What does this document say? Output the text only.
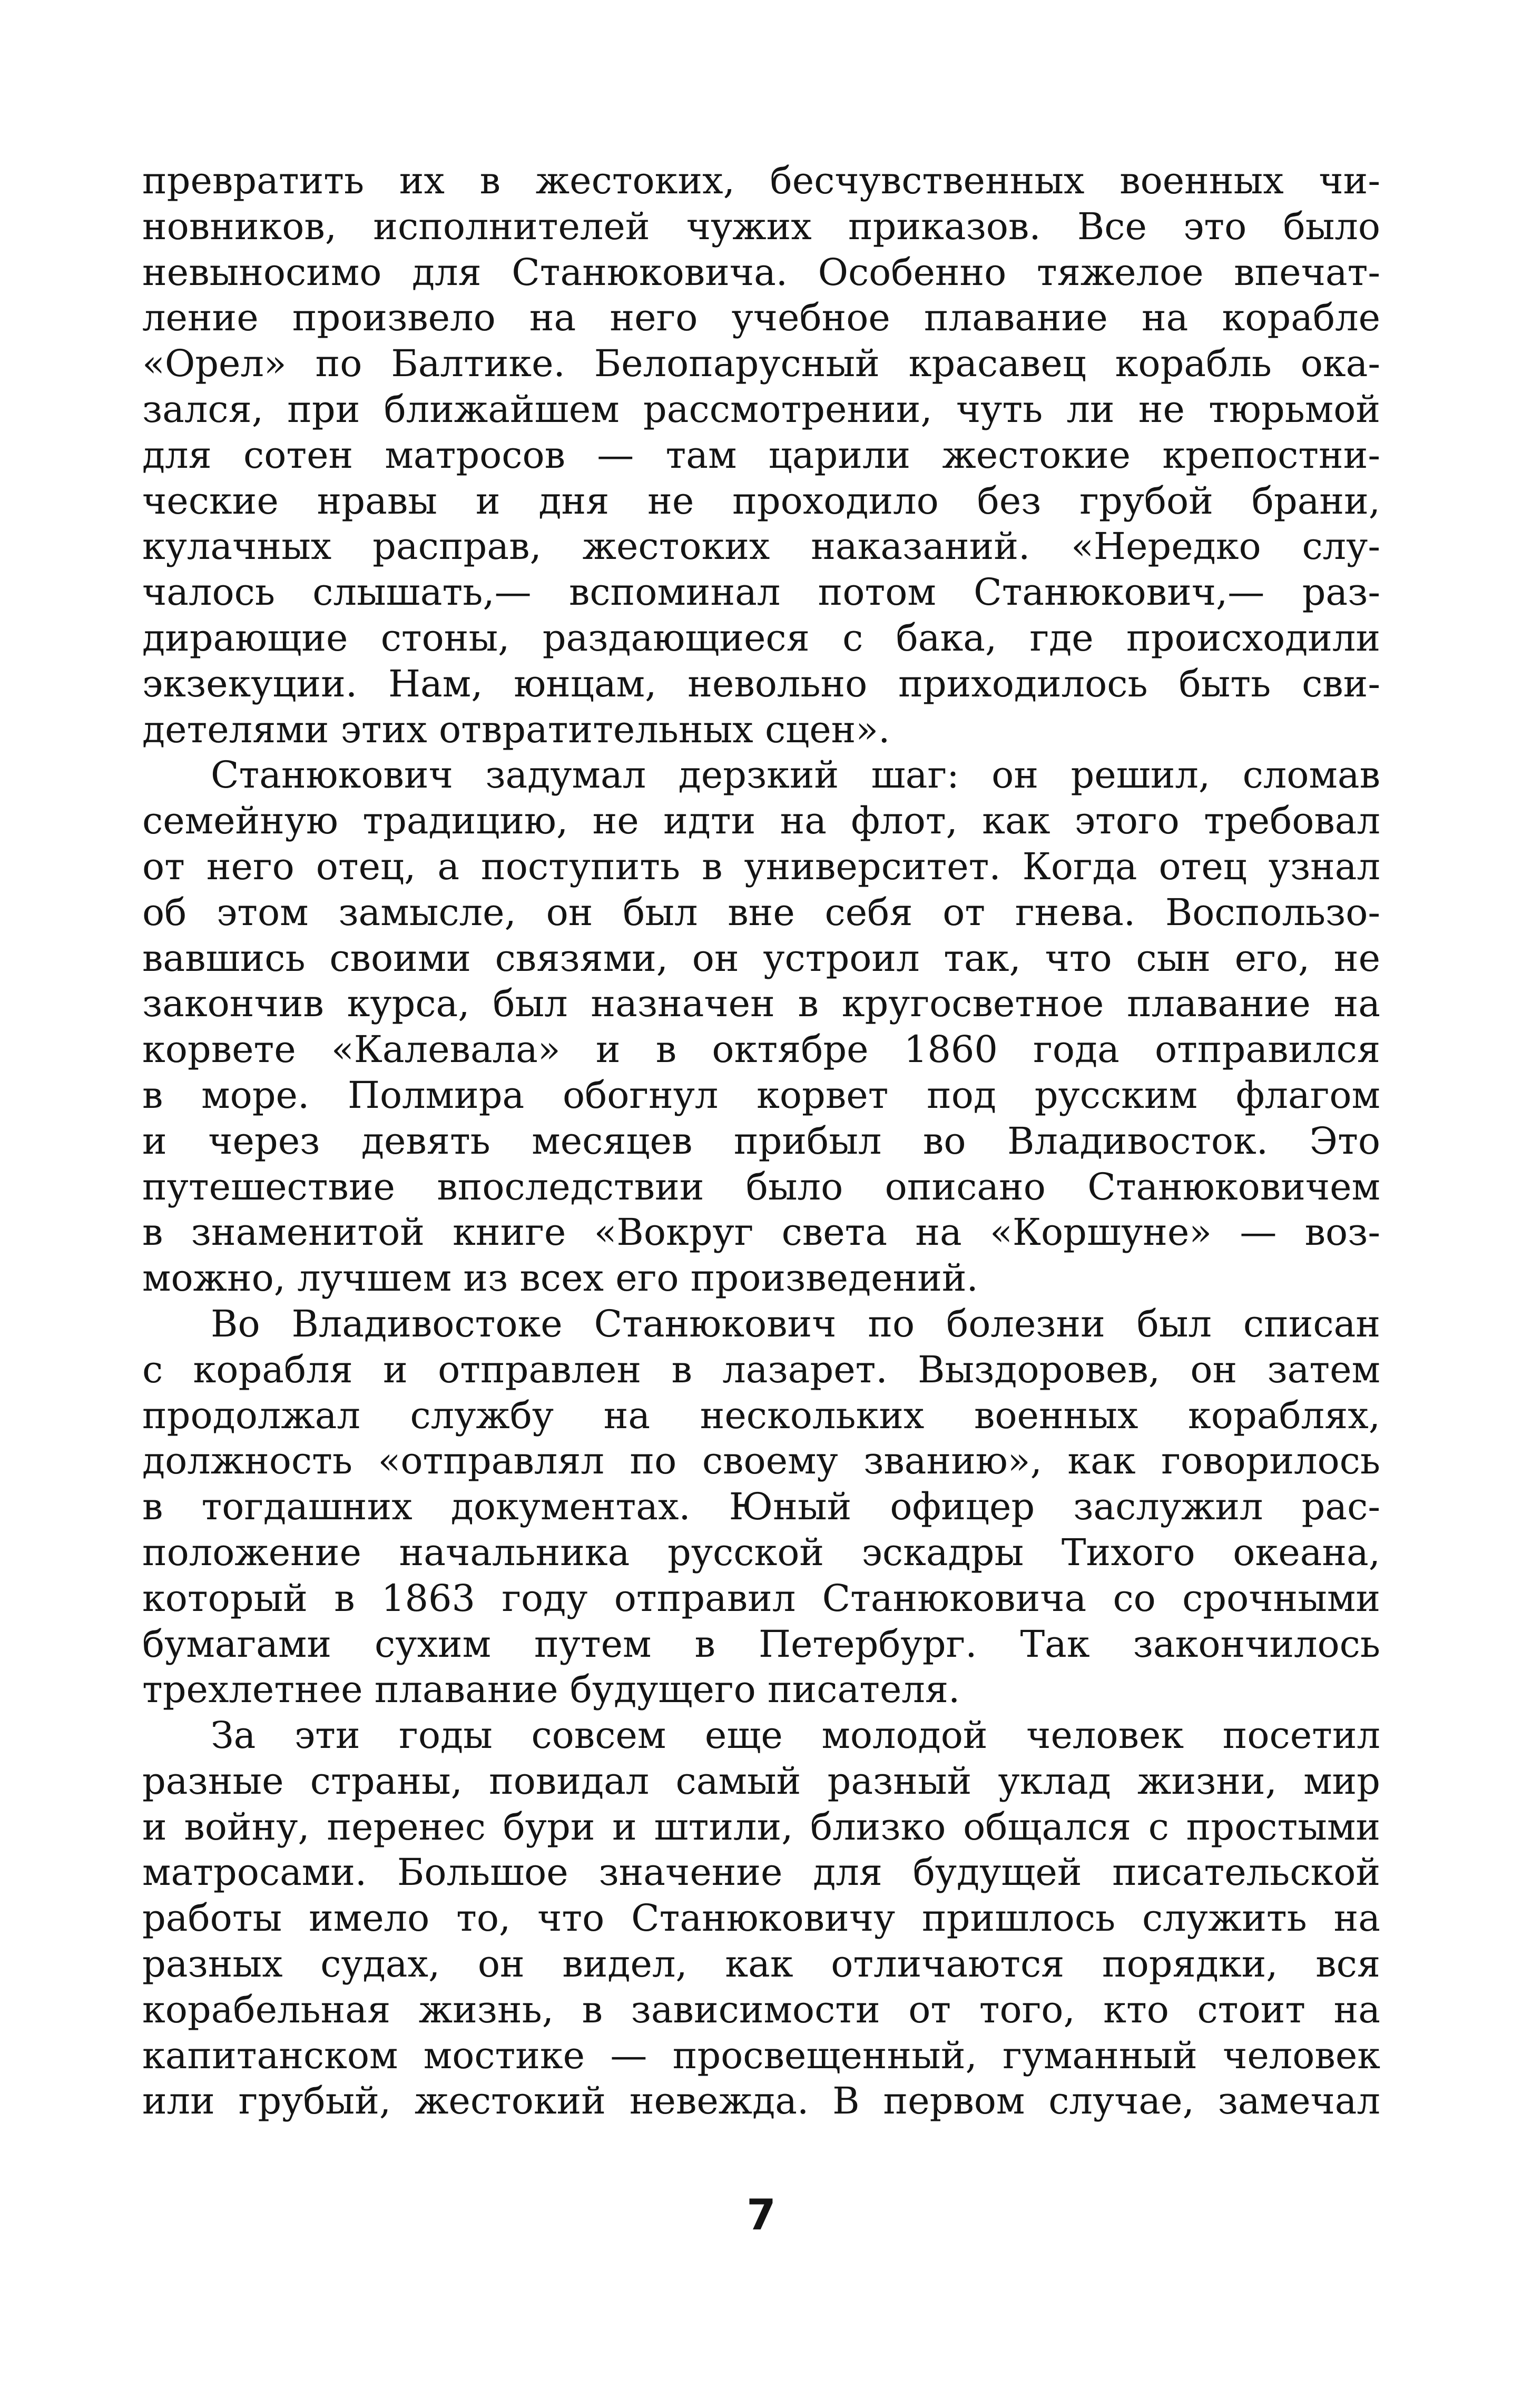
превратить их в жестоких, бесчувственных военных чи-
новников, исполнителей чужих приказов. Все это было
невыносимо для Станюковича. Особенно тяжелое впечат-
ление произвело на него учебное плавание на корабле
«Орел» по Балтике. Белопарусный красавец корабль ока-
зался, при ближайшем рассмотрении, чуть ли не тюрьмой
для сотен матросов — там царили жестокие крепостни-
ческие нравы и дня не проходило без грубой брани,
кулачных расправ, жестоких наказаний. «Нередко слу-
чалось слышать,— вспоминал потом Станюкович,— раз-
дирающие стоны, раздающиеся с бака, где происходили
экзекуции. Нам, юнцам, невольно приходилось быть сви-
детелями этих отвратительных сцен».
Станюкович задумал дерзкий шаг: он решил, сломав
семейную традицию, не идти на флот, как этого требовал
от него отец, а поступить в университет. Когда отец узнал
об этом замысле, он был вне себя от гнева. Воспользо-
вавшись своими связями, он устроил так, что сын его, не
закончив курса, был назначен в кругосветное плавание на
корвете «Калевала» и в октябре 1860 года отправился
в море. Полмира обогнул корвет под русским флагом
и через девять месяцев прибыл во Владивосток. Это
путешествие впоследствии было описано Станюковичем
в знаменитой книге «Вокруг света на «Коршуне» — воз-
можно, лучшем из всех его произведений.
Во Владивостоке Станюкович по болезни был списан
с корабля и отправлен в лазарет. Выздоровев, он затем
продолжал службу на нескольких военных кораблях,
должность «отправлял по своему званию», как говорилось
в тогдашних документах. Юный офицер заслужил рас-
положение начальника русской эскадры Тихого океана,
который в 1863 году отправил Станюковича со срочными
бумагами сухим путем в Петербург. Так закончилось
трехлетнее плавание будущего писателя.
За эти годы совсем еще молодой человек посетил
разные страны, повидал самый разный уклад жизни, мир
и войну, перенес бури и штили, близко общался с простыми
матросами. Большое значение для будущей писательской
работы имело то, что Станюковичу пришлось служить на
разных судах, он видел, как отличаются порядки, вся
корабельная жизнь, в зависимости от того, кто стоит на
капитанском мостике — просвещенный, гуманный человек
или грубый, жестокий невежда. В первом случае, замечал
7
